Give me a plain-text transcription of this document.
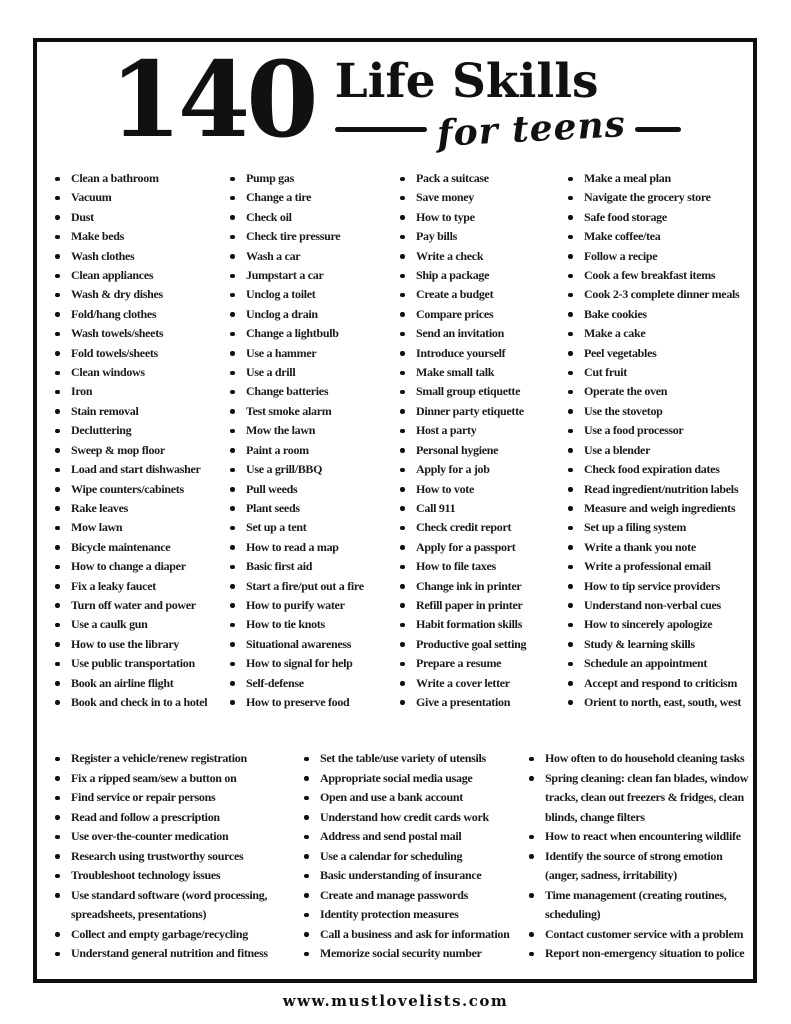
140 Life Skills
for teens
Clean a bathroom
Vacuum
Dust
Make beds
Wash clothes
Clean appliances
Wash & dry dishes
Fold/hang clothes
Wash towels/sheets
Fold towels/sheets
Clean windows
Iron
Stain removal
Decluttering
Sweep & mop floor
Load and start dishwasher
Wipe counters/cabinets
Rake leaves
Mow lawn
Bicycle maintenance
How to change a diaper
Fix a leaky faucet
Turn off water and power
Use a caulk gun
How to use the library
Use public transportation
Book an airline flight
Book and check in to a hotel
Pump gas
Change a tire
Check oil
Check tire pressure
Wash a car
Jumpstart a car
Unclog a toilet
Unclog a drain
Change a lightbulb
Use a hammer
Use a drill
Change batteries
Test smoke alarm
Mow the lawn
Paint a room
Use a grill/BBQ
Pull weeds
Plant seeds
Set up a tent
How to read a map
Basic first aid
Start a fire/put out a fire
How to purify water
How to tie knots
Situational awareness
How to signal for help
Self-defense
How to preserve food
Pack a suitcase
Save money
How to type
Pay bills
Write a check
Ship a package
Create a budget
Compare prices
Send an invitation
Introduce yourself
Make small talk
Small group etiquette
Dinner party etiquette
Host a party
Personal hygiene
Apply for a job
How to vote
Call 911
Check credit report
Apply for a passport
How to file taxes
Change ink in printer
Refill paper in printer
Habit formation skills
Productive goal setting
Prepare a resume
Write a cover letter
Give a presentation
Make a meal plan
Navigate the grocery store
Safe food storage
Make coffee/tea
Follow a recipe
Cook a few breakfast items
Cook 2-3 complete dinner meals
Bake cookies
Make a cake
Peel vegetables
Cut fruit
Operate the oven
Use the stovetop
Use a food processor
Use a blender
Check food expiration dates
Read ingredient/nutrition labels
Measure and weigh ingredients
Set up a filing system
Write a thank you note
Write a professional email
How to tip service providers
Understand non-verbal cues
How to sincerely apologize
Study & learning skills
Schedule an appointment
Accept and respond to criticism
Orient to north, east, south, west
Register a vehicle/renew registration
Fix a ripped seam/sew a button on
Find service or repair persons
Read and follow a prescription
Use over-the-counter medication
Research using trustworthy sources
Troubleshoot technology issues
Use standard software (word processing, spreadsheets, presentations)
Collect and empty garbage/recycling
Understand general nutrition and fitness
Set the table/use variety of utensils
Appropriate social media usage
Open and use a bank account
Understand how credit cards work
Address and send postal mail
Use a calendar for scheduling
Basic understanding of insurance
Create and manage passwords
Identity protection measures
Call a business and ask for information
Memorize social security number
How often to do household cleaning tasks
Spring cleaning: clean fan blades, window tracks, clean out freezers & fridges, clean blinds, change filters
How to react when encountering wildlife
Identify the source of strong emotion (anger, sadness, irritability)
Time management (creating routines, scheduling)
Contact customer service with a problem
Report non-emergency situation to police
www.mustlovelists.com
